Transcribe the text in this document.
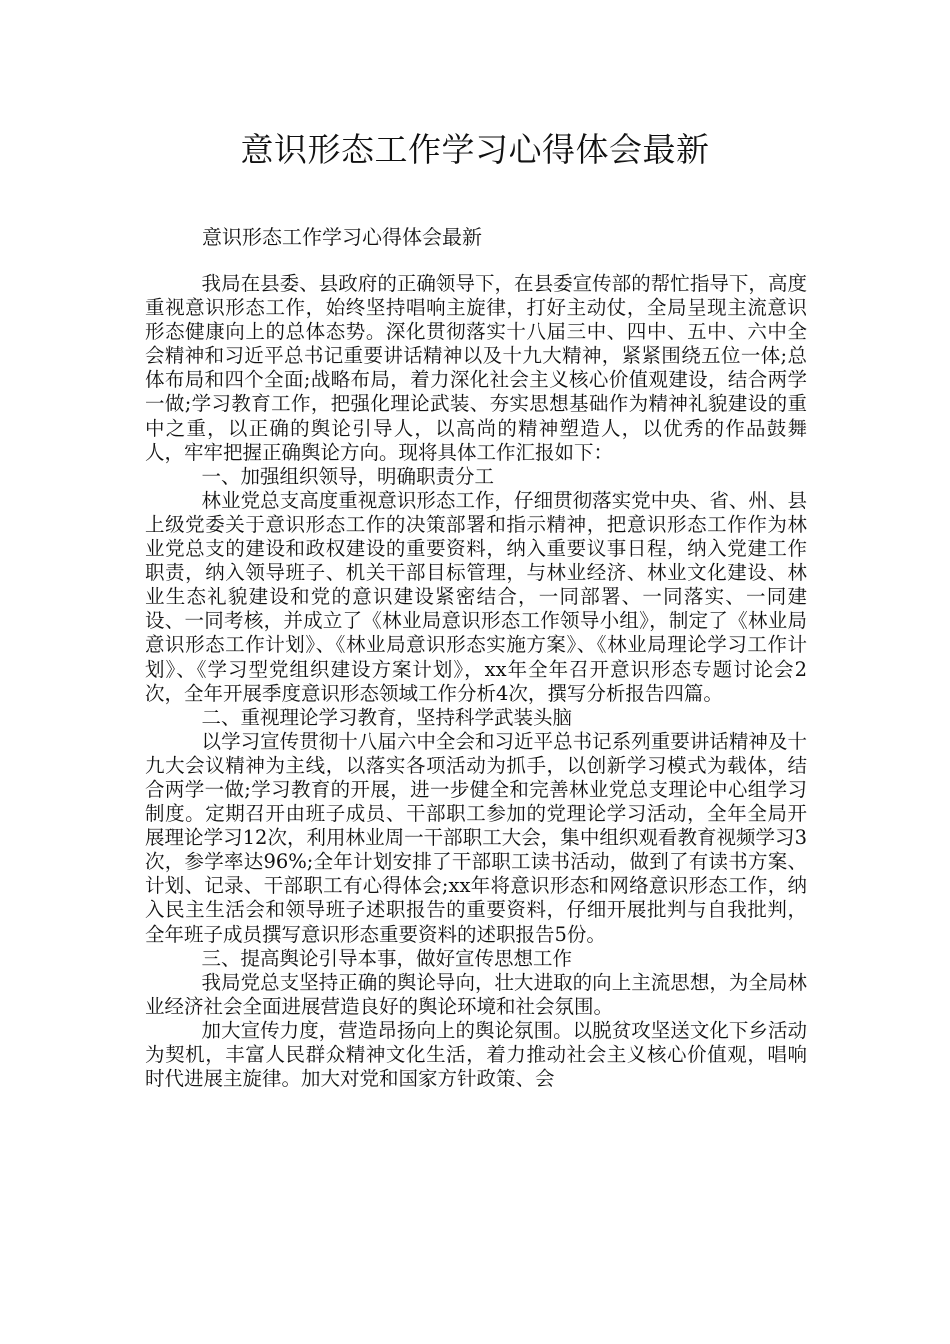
意识形态工作学习心得体会最新

意识形态工作学习心得体会最新

我局在县委、县政府的正确领导下，在县委宣传部的帮忙指导下，高度重视意识形态工作，始终坚持唱响主旋律，打好主动仗，全局呈现主流意识形态健康向上的总体态势。深化贯彻落实十八届三中、四中、五中、六中全会精神和习近平总书记重要讲话精神以及十九大精神，紧紧围绕五位一体;总体布局和四个全面;战略布局，着力深化社会主义核心价值观建设，结合两学一做;学习教育工作，把强化理论武装、夯实思想基础作为精神礼貌建设的重中之重，以正确的舆论引导人，以高尚的精神塑造人，以优秀的作品鼓舞人，牢牢把握正确舆论方向。现将具体工作汇报如下：

一、加强组织领导，明确职责分工

林业党总支高度重视意识形态工作，仔细贯彻落实党中央、省、州、县上级党委关于意识形态工作的决策部署和指示精神，把意识形态工作作为林业党总支的建设和政权建设的重要资料，纳入重要议事日程，纳入党建工作职责，纳入领导班子、机关干部目标管理，与林业经济、林业文化建设、林业生态礼貌建设和党的意识建设紧密结合，一同部署、一同落实、一同建设、一同考核，并成立了《林业局意识形态工作领导小组》，制定了《林业局意识形态工作计划》、《林业局意识形态实施方案》、《林业局理论学习工作计划》、《学习型党组织建设方案计划》，xx年全年召开意识形态专题讨论会2次，全年开展季度意识形态领域工作分析4次，撰写分析报告四篇。

二、重视理论学习教育，坚持科学武装头脑

以学习宣传贯彻十八届六中全会和习近平总书记系列重要讲话精神及十九大会议精神为主线，以落实各项活动为抓手，以创新学习模式为载体，结合两学一做;学习教育的开展，进一步健全和完善林业党总支理论中心组学习制度。定期召开由班子成员、干部职工参加的党理论学习活动，全年全局开展理论学习12次，利用林业周一干部职工大会，集中组织观看教育视频学习3次，参学率达96%;全年计划安排了干部职工读书活动，做到了有读书方案、计划、记录、干部职工有心得体会;xx年将意识形态和网络意识形态工作，纳入民主生活会和领导班子述职报告的重要资料，仔细开展批判与自我批判，全年班子成员撰写意识形态重要资料的述职报告5份。

三、提高舆论引导本事，做好宣传思想工作

我局党总支坚持正确的舆论导向，壮大进取的向上主流思想，为全局林业经济社会全面进展营造良好的舆论环境和社会氛围。

加大宣传力度，营造昂扬向上的舆论氛围。以脱贫攻坚送文化下乡活动为契机，丰富人民群众精神文化生活，着力推动社会主义核心价值观，唱响时代进展主旋律。加大对党和国家方针政策、会
